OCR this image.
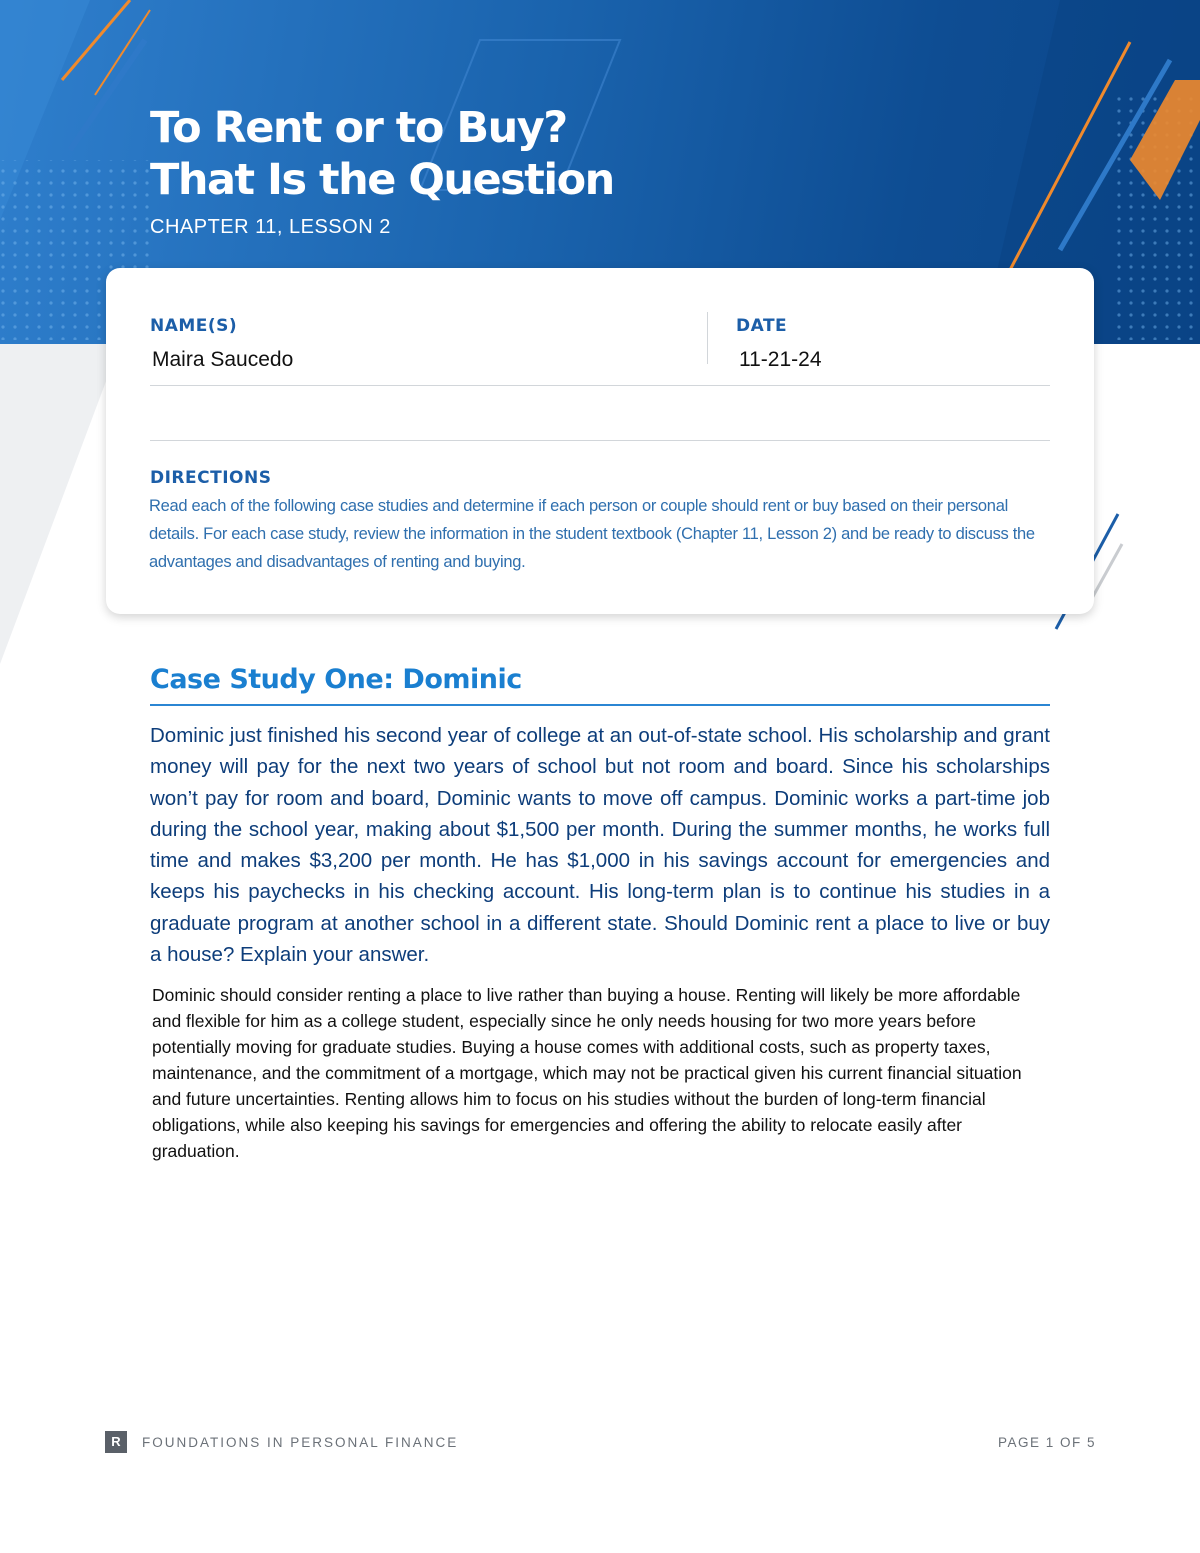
To Rent or to Buy?
That Is the Question
CHAPTER 11, LESSON 2
NAME(S)
Maira Saucedo
DATE
11-21-24
DIRECTIONS

Read each of the following case studies and determine if each person or couple should rent or buy based on their personal details. For each case study, review the information in the student textbook (Chapter 11, Lesson 2) and be ready to discuss the advantages and disadvantages of renting and buying.

Case Study One: Dominic

Dominic just finished his second year of college at an out-of-state school. His scholarship and grant money will pay for the next two years of school but not room and board. Since his scholarships won’t pay for room and board, Dominic wants to move off campus. Dominic works a part-time job during the school year, making about $1,500 per month. During the summer months, he works full time and makes $3,200 per month. He has $1,000 in his savings account for emergencies and keeps his paychecks in his checking account. His long-term plan is to continue his studies in a graduate program at another school in a different state. Should Dominic rent a place to live or buy a house? Explain your answer.

Dominic should consider renting a place to live rather than buying a house. Renting will likely be more affordable and flexible for him as a college student, especially since he only needs housing for two more years before potentially moving for graduate studies. Buying a house comes with additional costs, such as property taxes, maintenance, and the commitment of a mortgage, which may not be practical given his current financial situation and future uncertainties. Renting allows him to focus on his studies without the burden of long-term financial obligations, while also keeping his savings for emergencies and offering the ability to relocate easily after graduation.

R	FOUNDATIONS IN PERSONAL FINANCE	PAGE 1 OF 5
